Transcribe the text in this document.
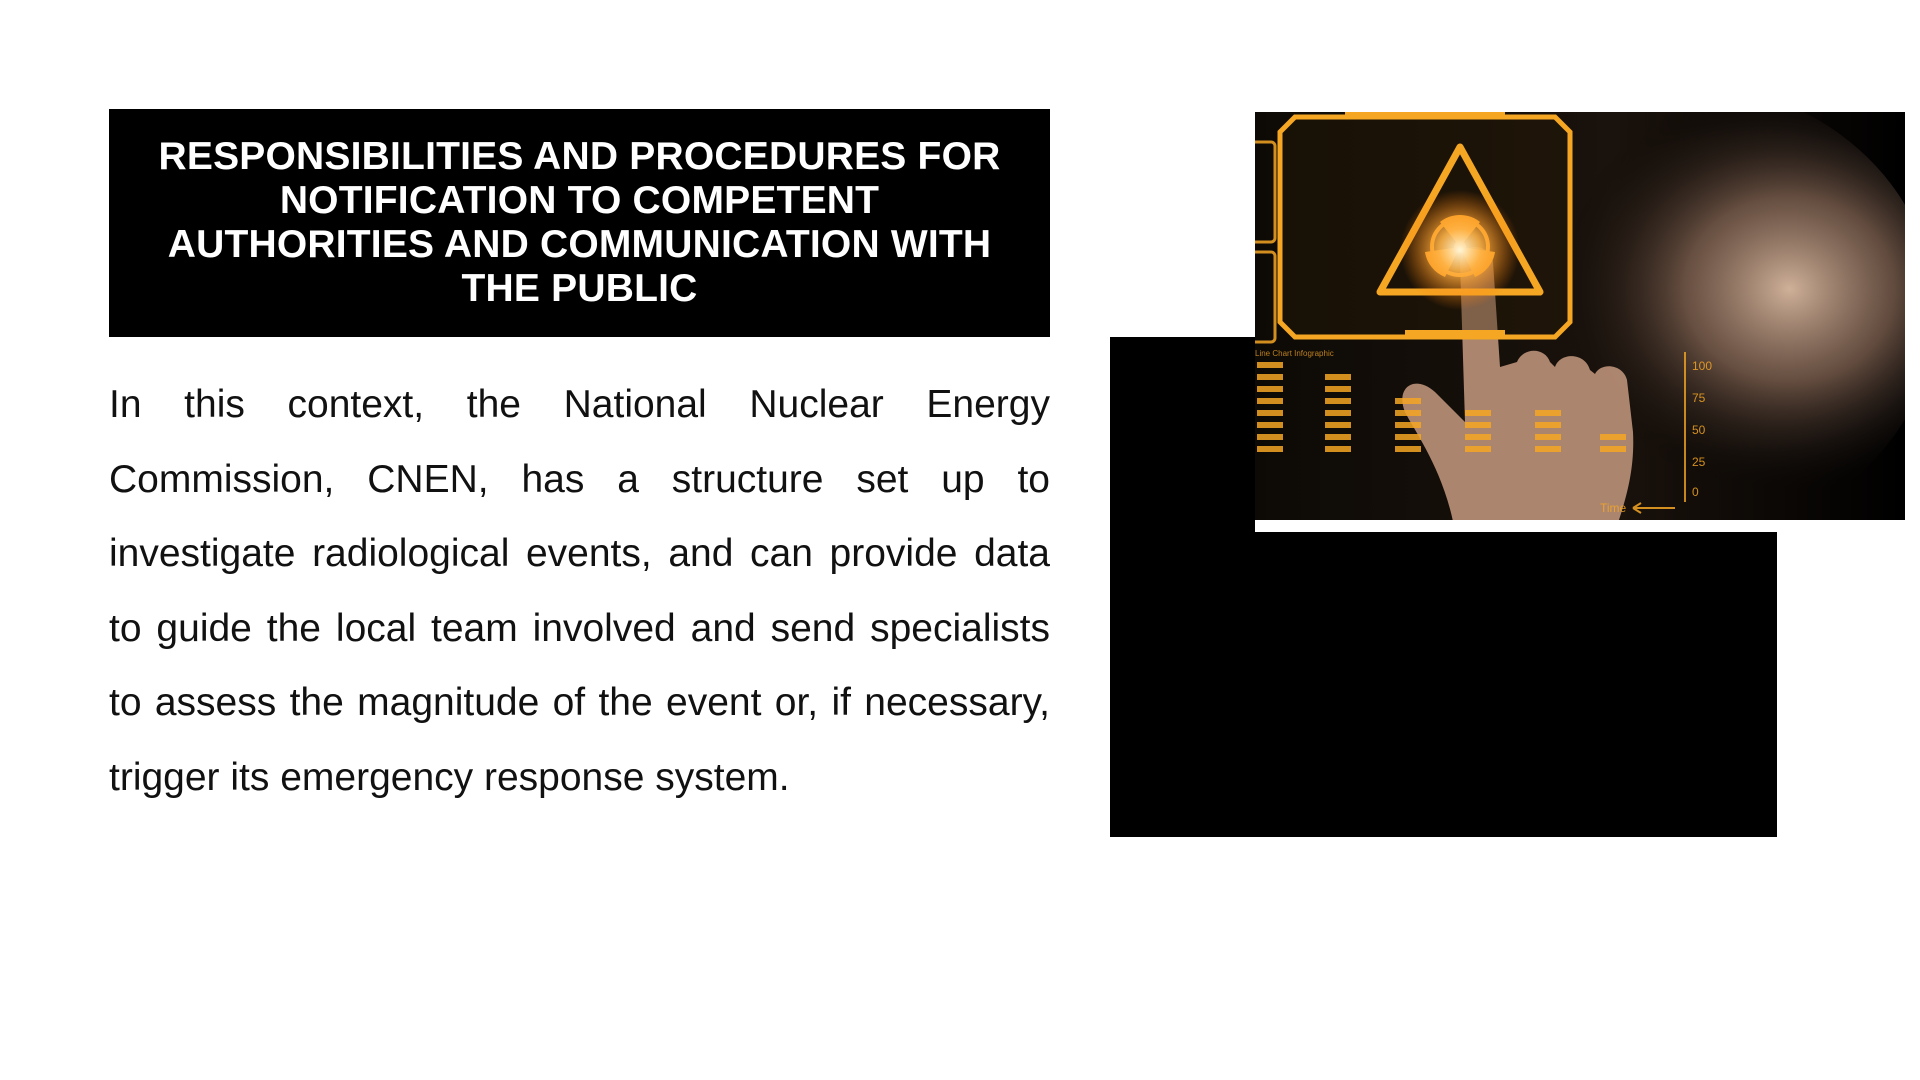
RESPONSIBILITIES AND PROCEDURES FOR NOTIFICATION TO COMPETENT AUTHORITIES AND COMMUNICATION WITH THE PUBLIC

In this context, the National Nuclear Energy Commission, CNEN, has a structure set up to investigate radiological events, and can provide data to guide the local team involved and send specialists to assess the magnitude of the event or, if necessary, trigger its emergency response system.

Line Chart Infographic
100
75
50
25
0
Time
